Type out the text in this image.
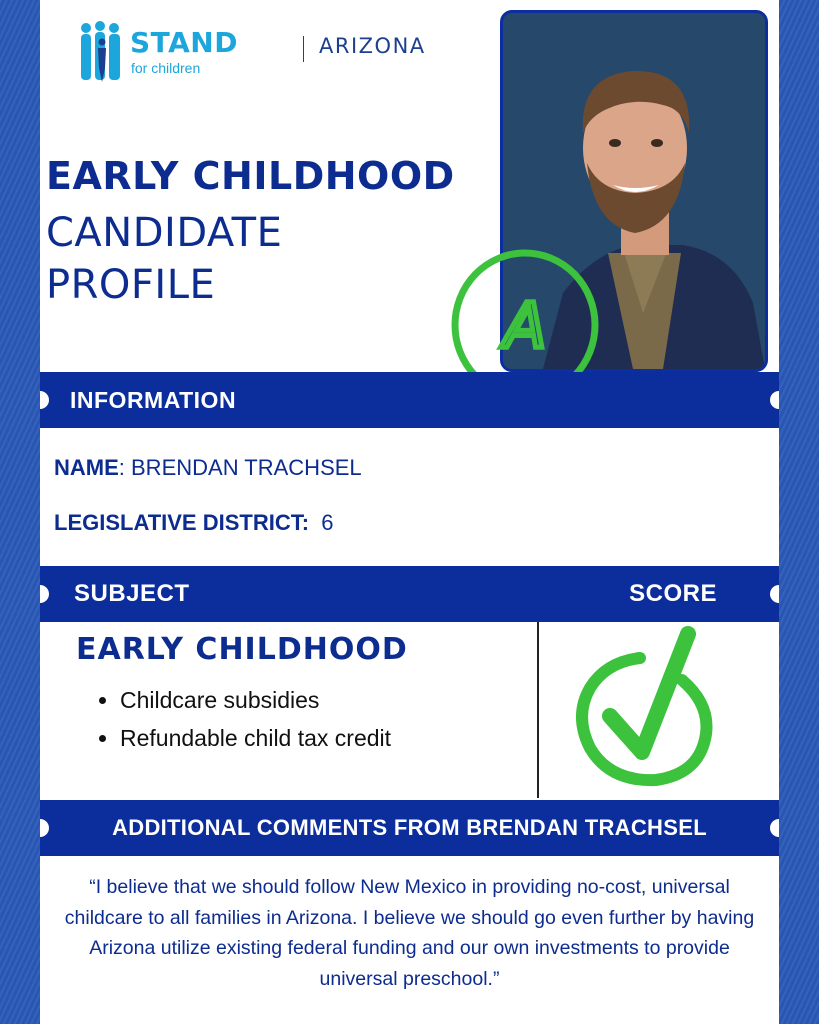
STAND
for children
ARIZONA
EARLY CHILDHOOD
CANDIDATE
PROFILE
A
INFORMATION
NAME: BRENDAN TRACHSEL
LEGISLATIVE DISTRICT: 6
SUBJECT	SCORE
EARLY CHILDHOOD
• Childcare subsidies
• Refundable child tax credit
ADDITIONAL COMMENTS FROM BRENDAN TRACHSEL
“I believe that we should follow New Mexico in providing no-cost, universal childcare to all families in Arizona. I believe we should go even further by having Arizona utilize existing federal funding and our own investments to provide universal preschool.”
